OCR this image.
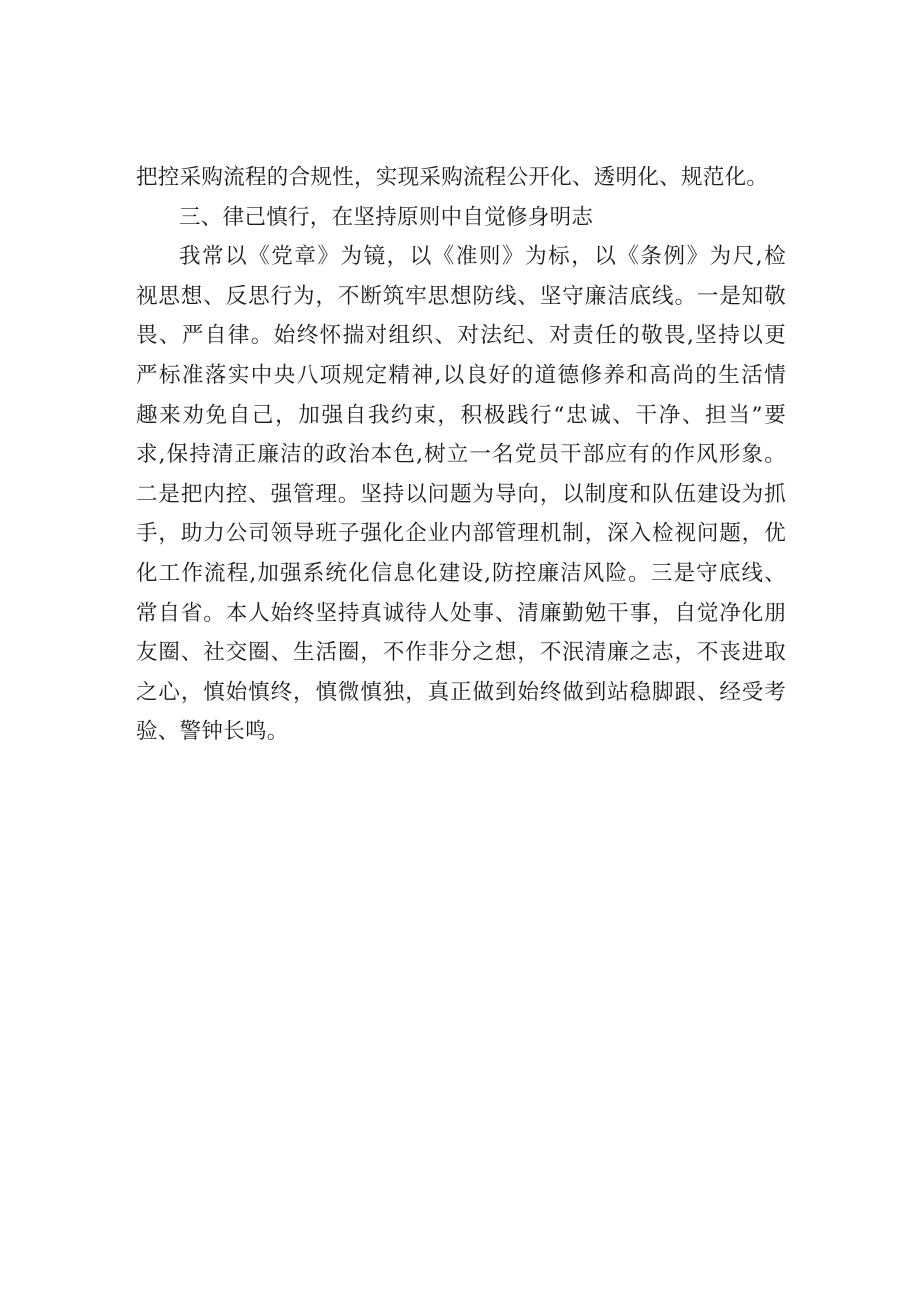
把控采购流程的合规性，实现采购流程公开化、透明化、规范化。

三、律己慎行，在坚持原则中自觉修身明志

我常以《党章》为镜，以《准则》为标，以《条例》为尺,检
视思想、反思行为，不断筑牢思想防线、坚守廉洁底线。一是知敬
畏、严自律。始终怀揣对组织、对法纪、对责任的敬畏,坚持以更
严标准落实中央八项规定精神,以良好的道德修养和高尚的生活情
趣来劝免自己，加强自我约束，积极践行“忠诚、干净、担当”要
求,保持清正廉洁的政治本色,树立一名党员干部应有的作风形象。
二是把内控、强管理。坚持以问题为导向，以制度和队伍建设为抓
手，助力公司领导班子强化企业内部管理机制，深入检视问题，优
化工作流程,加强系统化信息化建设,防控廉洁风险。三是守底线、
常自省。本人始终坚持真诚待人处事、清廉勤勉干事，自觉净化朋
友圈、社交圈、生活圈，不作非分之想，不泯清廉之志，不丧进取
之心，慎始慎终，慎微慎独，真正做到始终做到站稳脚跟、经受考
验、警钟长鸣。
